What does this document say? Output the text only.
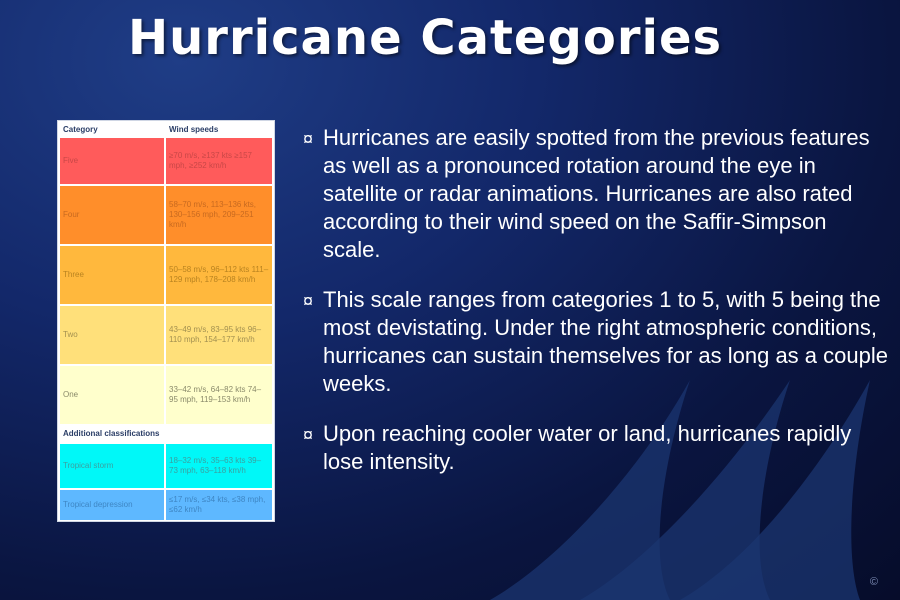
Hurricane Categories
Category	Wind speeds
Five	≥70 m/s, ≥137 kts ≥157 mph, ≥252 km/h
Four	58–70 m/s, 113–136 kts, 130–156 mph, 209–251 km/h
Three	50–58 m/s, 96–112 kts 111–129 mph, 178–208 km/h
Two	43–49 m/s, 83–95 kts 96–110 mph, 154–177 km/h
One	33–42 m/s, 64–82 kts 74–95 mph, 119–153 km/h
Additional classifications	
Tropical storm	18–32 m/s, 35–63 kts 39–73 mph, 63–118 km/h
Tropical depression	≤17 m/s, ≤34 kts, ≤38 mph, ≤62 km/h
¤ Hurricanes are easily spotted from the previous features as well as a pronounced rotation around the eye in satellite or radar animations. Hurricanes are also rated according to their wind speed on the Saffir-Simpson scale.
¤ This scale ranges from categories 1 to 5, with 5 being the most devistating. Under the right atmospheric conditions, hurricanes can sustain themselves for as long as a couple weeks.
¤ Upon reaching cooler water or land, hurricanes rapidly lose intensity.
©
